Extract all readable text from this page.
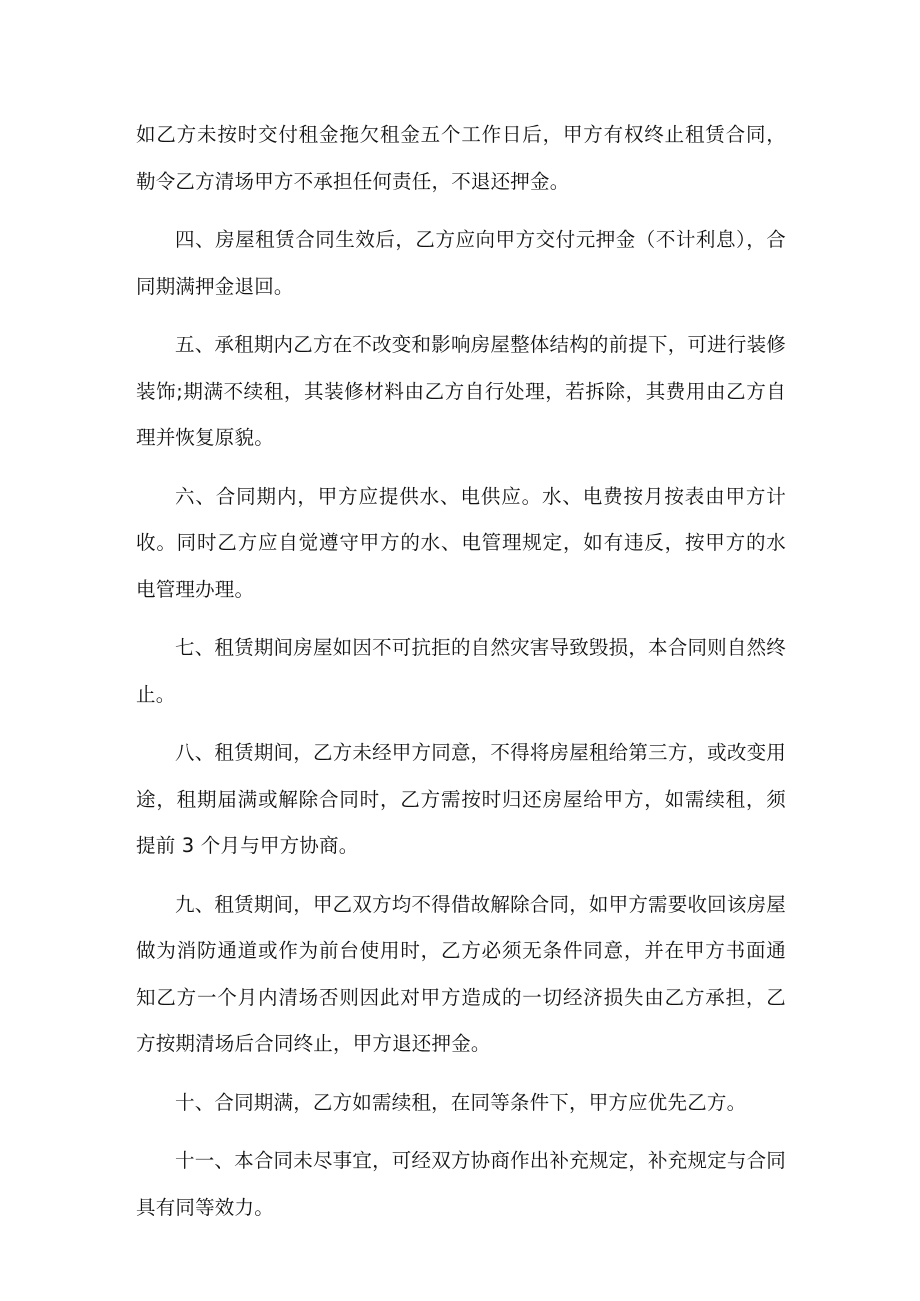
如乙方未按时交付租金拖欠租金五个工作日后，甲方有权终止租赁合同，勒令乙方清场甲方不承担任何责任，不退还押金。

四、房屋租赁合同生效后，乙方应向甲方交付元押金（不计利息），合同期满押金退回。

五、承租期内乙方在不改变和影响房屋整体结构的前提下，可进行装修装饰;期满不续租，其装修材料由乙方自行处理，若拆除，其费用由乙方自理并恢复原貌。

六、合同期内，甲方应提供水、电供应。水、电费按月按表由甲方计收。同时乙方应自觉遵守甲方的水、电管理规定，如有违反，按甲方的水电管理办理。

七、租赁期间房屋如因不可抗拒的自然灾害导致毁损，本合同则自然终止。

八、租赁期间，乙方未经甲方同意，不得将房屋租给第三方，或改变用途，租期届满或解除合同时，乙方需按时归还房屋给甲方，如需续租，须提前 3 个月与甲方协商。

九、租赁期间，甲乙双方均不得借故解除合同，如甲方需要收回该房屋做为消防通道或作为前台使用时，乙方必须无条件同意，并在甲方书面通知乙方一个月内清场否则因此对甲方造成的一切经济损失由乙方承担，乙方按期清场后合同终止，甲方退还押金。

十、合同期满，乙方如需续租，在同等条件下，甲方应优先乙方。

十一、本合同未尽事宜，可经双方协商作出补充规定，补充规定与合同具有同等效力。
